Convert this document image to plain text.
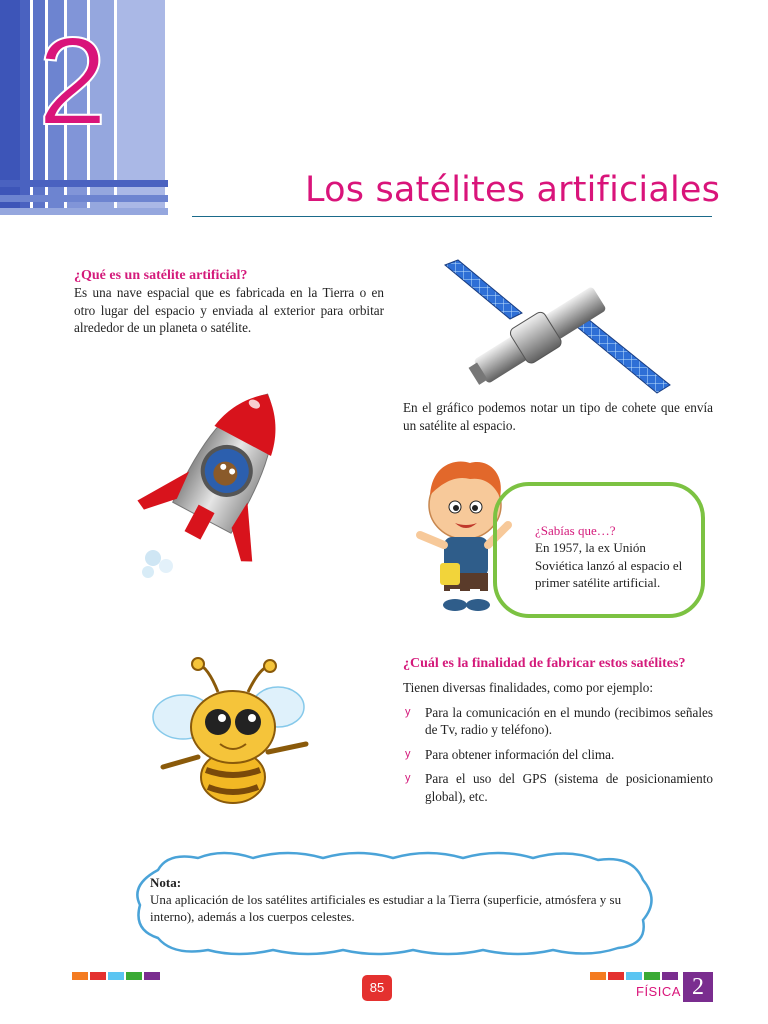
2
Los satélites artificiales
¿Qué es un satélite artificial?
Es una nave espacial que es fabricada en la Tierra o en otro lugar del espacio y enviada al exterior para orbitar alrededor de un planeta o satélite.
En el gráfico podemos notar un tipo de cohete que envía un satélite al espacio.
¿Sabías que…?
En 1957, la ex Unión Soviética lanzó al espacio el primer satélite artificial.
¿Cuál es la finalidad de fabricar estos satélites?
Tienen diversas finalidades, como por ejemplo:
y Para la comunicación en el mundo (recibimos señales de Tv, radio y teléfono).
y Para obtener información del clima.
y Para el uso del GPS (sistema de posicionamiento global), etc.
Nota:
Una aplicación de los satélites artificiales es estudiar a la Tierra (superficie, atmósfera y su interno), además a los cuerpos celestes.
85	FÍSICA 2
